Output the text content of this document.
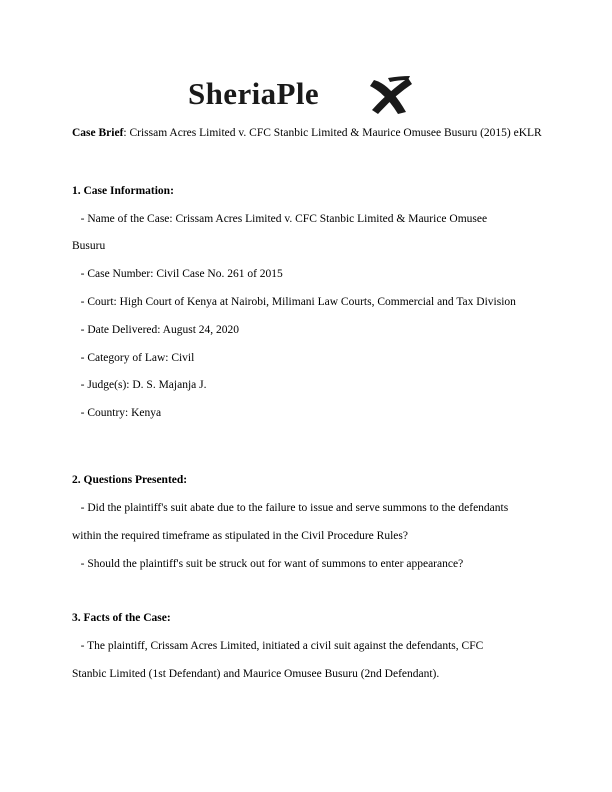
SheriaPle
Case Brief: Crissam Acres Limited v. CFC Stanbic Limited & Maurice Omusee Busuru (2015) eKLR
1. Case Information:
- Name of the Case: Crissam Acres Limited v. CFC Stanbic Limited & Maurice Omusee
Busuru
- Case Number: Civil Case No. 261 of 2015
- Court: High Court of Kenya at Nairobi, Milimani Law Courts, Commercial and Tax Division
- Date Delivered: August 24, 2020
- Category of Law: Civil
- Judge(s): D. S. Majanja J.
- Country: Kenya
2. Questions Presented:
- Did the plaintiff's suit abate due to the failure to issue and serve summons to the defendants
within the required timeframe as stipulated in the Civil Procedure Rules?
- Should the plaintiff's suit be struck out for want of summons to enter appearance?
3. Facts of the Case:
- The plaintiff, Crissam Acres Limited, initiated a civil suit against the defendants, CFC
Stanbic Limited (1st Defendant) and Maurice Omusee Busuru (2nd Defendant).
